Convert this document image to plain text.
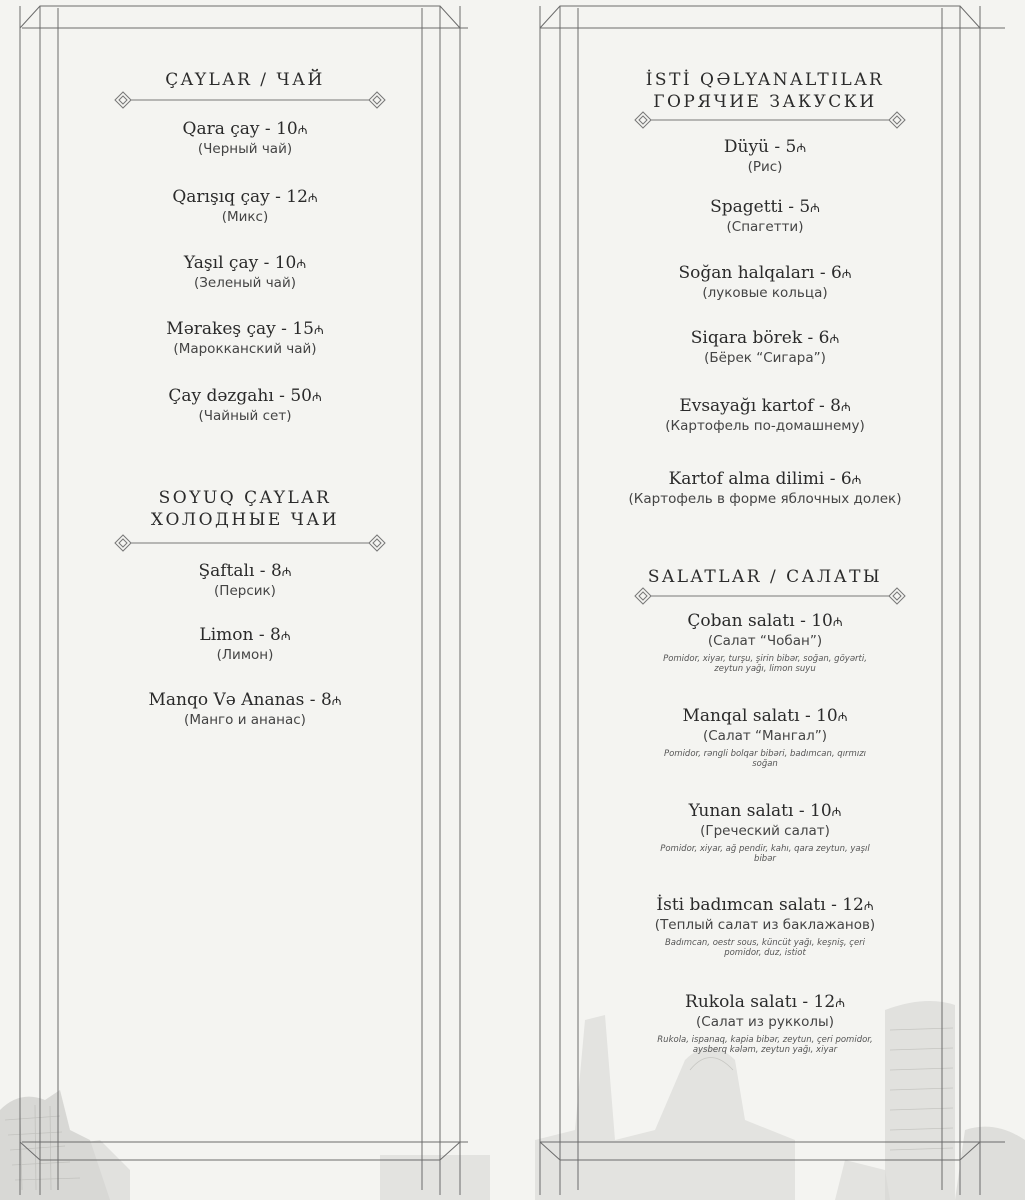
ÇAYLAR / ЧАЙ
Qara çay - 10₼
(Черный чай)
Qarışıq çay - 12₼
(Микс)
Yaşıl çay - 10₼
(Зеленый чай)
Mərakeş çay - 15₼
(Марокканский чай)
Çay dəzgahı - 50₼
(Чайный сет)
SOYUQ ÇAYLAR
ХОЛОДНЫЕ ЧАИ
Şaftalı - 8₼
(Персик)
Limon - 8₼
(Лимон)
Manqo Və Ananas - 8₼
(Манго и ананас)
İSTİ QƏLYANALTILAR
ГОРЯЧИЕ ЗАКУСКИ
Düyü - 5₼
(Рис)
Spagetti - 5₼
(Спагетти)
Soğan halqaları - 6₼
(луковые кольца)
Siqara börek - 6₼
(Бёрек “Сигара”)
Evsayağı kartof - 8₼
(Картофель по-домашнему)
Kartof alma dilimi - 6₼
(Картофель в форме яблочных долек)
SALATLAR / САЛАТЫ
Çoban salatı - 10₼
(Салат “Чобан”)
Pomidor, xiyar, turşu, şirin bibər, soğan, göyərti, zeytun yağı, limon suyu
Manqal salatı - 10₼
(Салат “Мангал”)
Pomidor, rəngli bolqar bibəri, badımcan, qırmızı soğan
Yunan salatı - 10₼
(Греческий салат)
Pomidor, xiyar, ağ pendir, kahı, qara zeytun, yaşıl bibər
İsti badımcan salatı - 12₼
(Теплый салат из баклажанов)
Badımcan, oestr sous, küncüt yağı, keşniş, çeri pomidor, duz, istiot
Rukola salatı - 12₼
(Салат из рукколы)
Rukola, ispanaq, kapia bibər, zeytun, çeri pomidor, aysberq kələm, zeytun yağı, xiyar
